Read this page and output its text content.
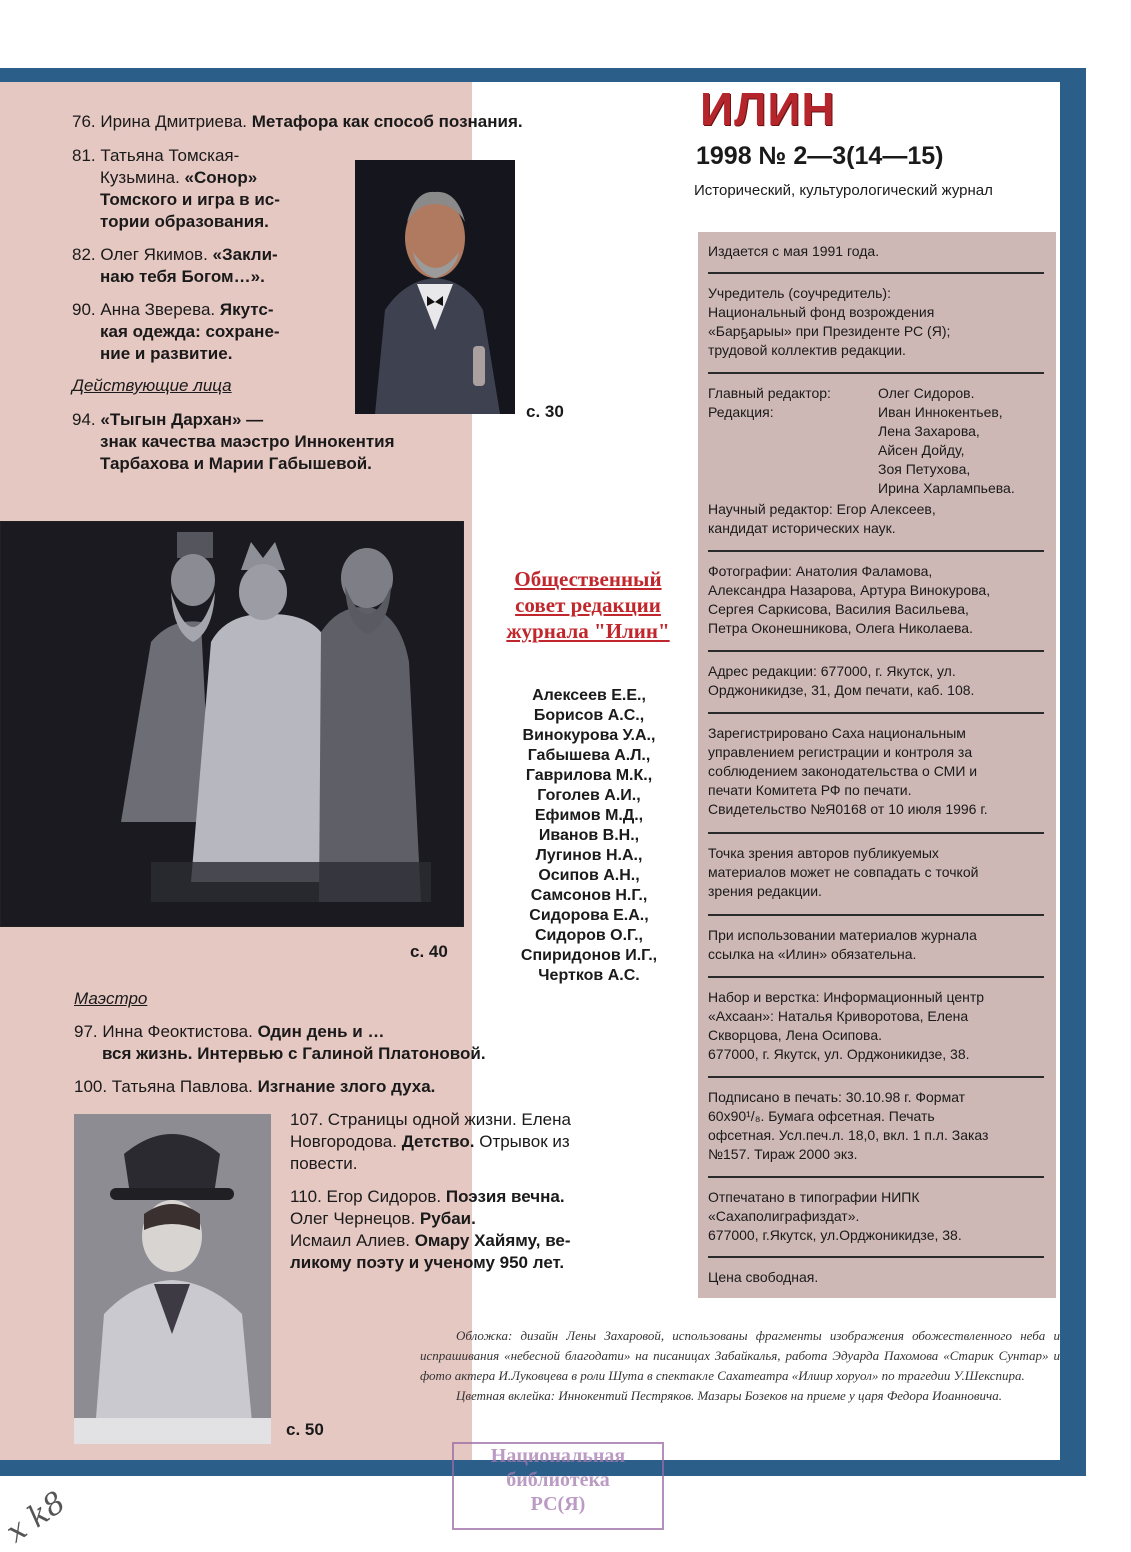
76. Ирина Дмитриева. Метафора как способ познания.
81. Татьяна Томская-
Кузьмина. «Сонор»
Томского и игра в ис-
тории образования.
82. Олег Якимов. «Закли-
наю тебя Богом…».
90. Анна Зверева. Якутс-
кая одежда: сохране-
ние и развитие.
Действующие лица
94. «Тыгын Дархан» —
знак качества маэстро Иннокентия
Тарбахова и Марии Габышевой.
с. 30
с. 40
Маэстро
97. Инна Феоктистова. Один день и …
вся жизнь. Интервью с Галиной Платоновой.
100. Татьяна Павлова. Изгнание злого духа.
107. Страницы одной жизни. Елена
Новгородова. Детство. Отрывок из
повести.
110. Егор Сидоров. Поэзия вечна.
Олег Чернецов. Рубаи.
Исмаил Алиев. Омару Хайяму, ве-
ликому поэту и ученому 950 лет.
с. 50
ИЛИН
1998 № 2—3(14—15)
Исторический, культурологический журнал
Общественный совет редакции журнала "Илин"
Алексеев Е.Е.,
Борисов А.С.,
Винокурова У.А.,
Габышева А.Л.,
Гаврилова М.К.,
Гоголев А.И.,
Ефимов М.Д.,
Иванов В.Н.,
Лугинов Н.А.,
Осипов А.Н.,
Самсонов Н.Г.,
Сидорова Е.А.,
Сидоров О.Г.,
Спиридонов И.Г.,
Чертков А.С.
Издается с мая 1991 года.
Учредитель (соучредитель):
Национальный фонд возрождения
«Барҕарыы» при Президенте РС (Я);
трудовой коллектив редакции.
Главный редактор:	Олег Сидоров.
Редакция:	Иван Иннокентьев,
Лена Захарова,
Айсен Дойду,
Зоя Петухова,
Ирина Харлампьева.
Научный редактор: Егор Алексеев,
кандидат исторических наук.
Фотографии: Анатолия Фаламова,
Александра Назарова, Артура Винокурова,
Сергея Саркисова, Василия Васильева,
Петра Оконешникова, Олега Николаева.
Адрес редакции: 677000, г. Якутск, ул.
Орджоникидзе, 31, Дом печати, каб. 108.
Зарегистрировано Саха национальным
управлением регистрации и контроля за
соблюдением законодательства о СМИ и
печати Комитета РФ по печати.
Свидетельство №Я0168 от 10 июля 1996 г.
Точка зрения авторов публикуемых
материалов может не совпадать с точкой
зрения редакции.
При использовании материалов журнала
ссылка на «Илин» обязательна.
Набор и верстка: Информационный центр
«Ахсаан»: Наталья Криворотова, Елена
Скворцова, Лена Осипова.
677000, г. Якутск, ул. Орджоникидзе, 38.
Подписано в печать: 30.10.98 г. Формат
60х90¹/₈. Бумага офсетная. Печать
офсетная. Усл.печ.л. 18,0, вкл. 1 п.л. Заказ
№157. Тираж 2000 экз.
Отпечатано в типографии НИПК
«Сахаполиграфиздат».
677000, г.Якутск, ул.Орджоникидзе, 38.
Цена свободная.
Обложка: дизайн Лены Захаровой, использованы фрагменты изображения обожествленного неба и испрашивания «небесной благодати» на писаницах Забайкалья, работа Эдуарда Пахомова «Старик Сунтар» и фото актера И.Луковцева в роли Шута в спектакле Сахатеатра «Илиир хоруол» по трагедии У.Шекспира.
Цветная вклейка: Иннокентий Пестряков. Мазары Бозеков на приеме у царя Федора Иоанновича.
Национальная
библиотека
РС(Я)
x k8
